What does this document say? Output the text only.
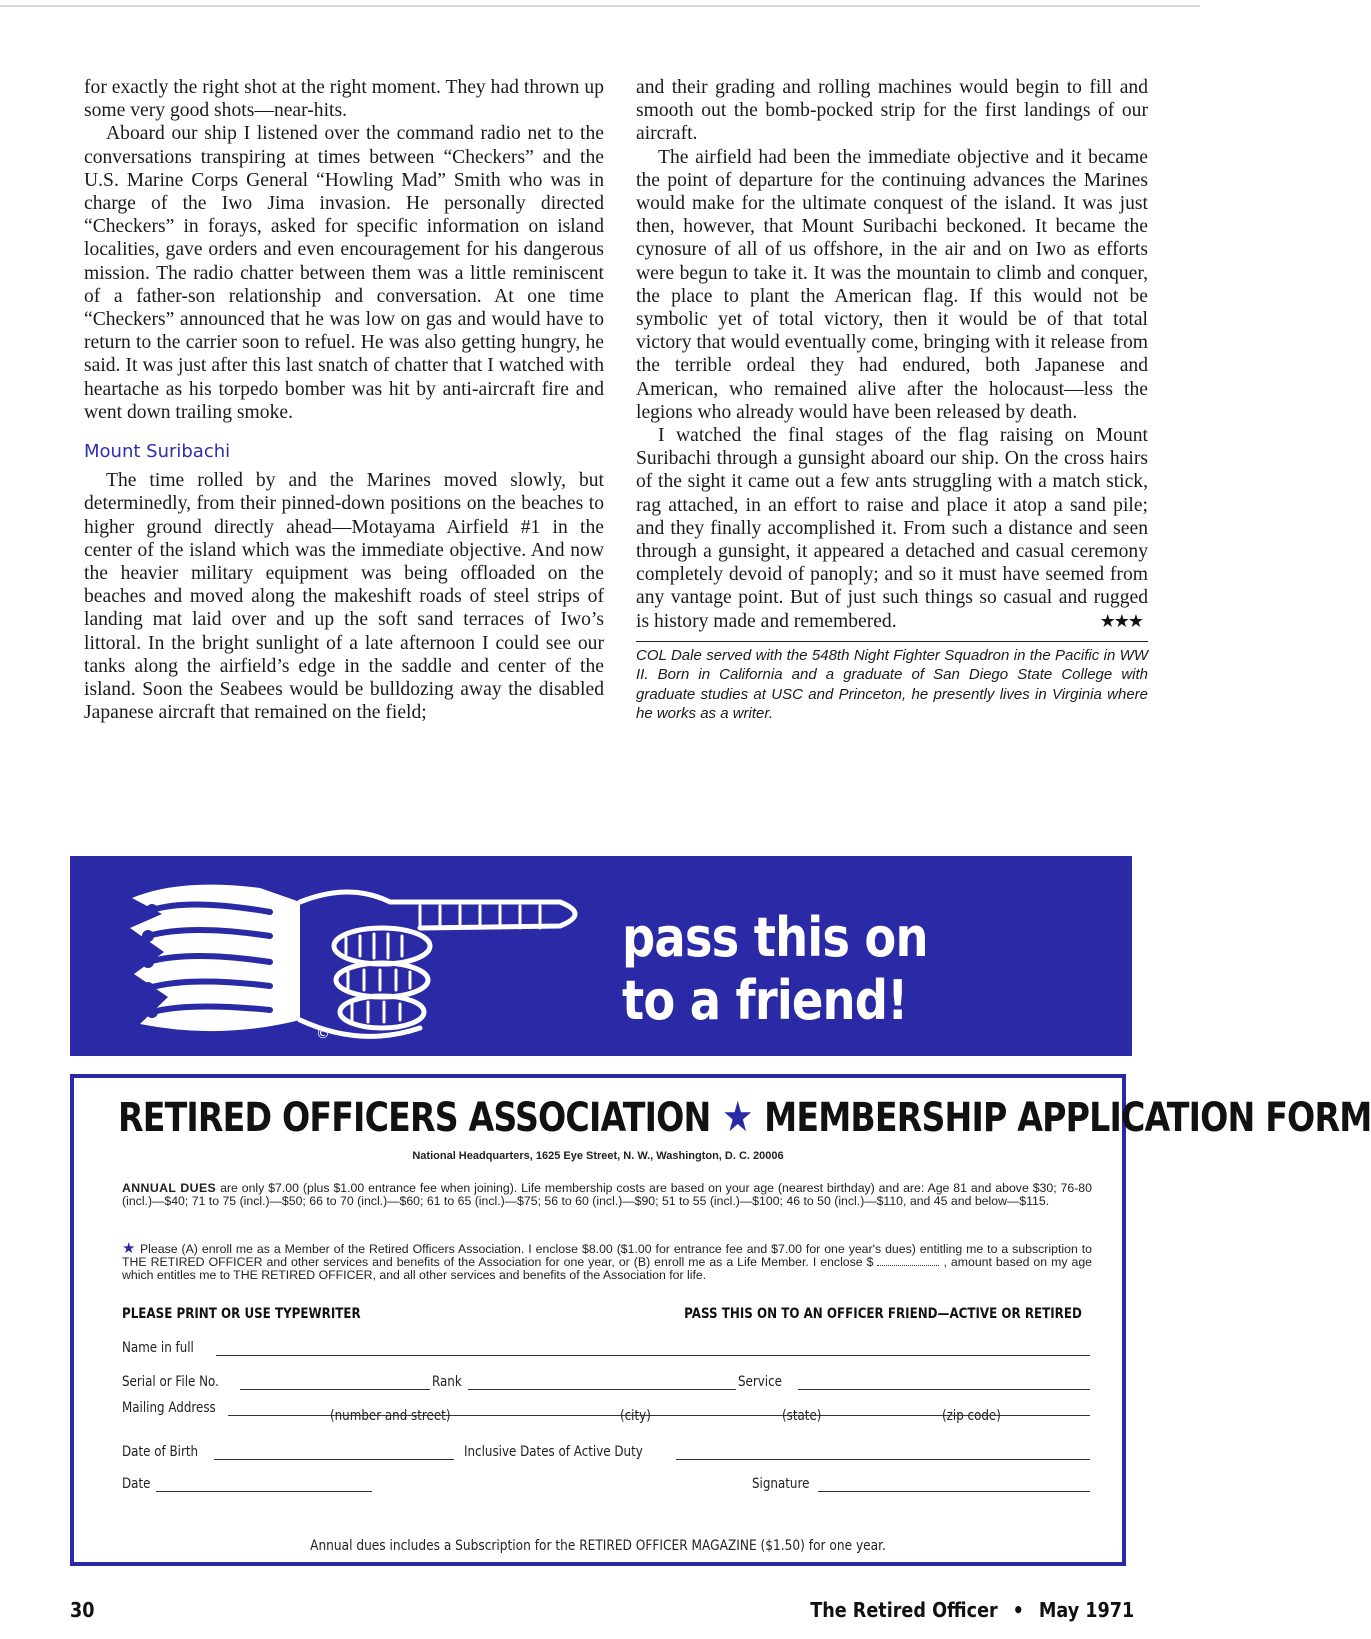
for exactly the right shot at the right moment. They had thrown up some very good shots—near-hits.

Aboard our ship I listened over the command radio net to the conversations transpiring at times between “Checkers” and the U.S. Marine Corps General “Howling Mad” Smith who was in charge of the Iwo Jima invasion. He personally directed “Checkers” in forays, asked for specific information on island localities, gave orders and even encouragement for his dangerous mission. The radio chatter between them was a little reminiscent of a father-son relationship and conversation. At one time “Checkers” announced that he was low on gas and would have to return to the carrier soon to refuel. He was also getting hungry, he said. It was just after this last snatch of chatter that I watched with heartache as his torpedo bomber was hit by anti-aircraft fire and went down trailing smoke.

Mount Suribachi

The time rolled by and the Marines moved slowly, but determinedly, from their pinned-down positions on the beaches to higher ground directly ahead—Motayama Airfield #1 in the center of the island which was the immediate objective. And now the heavier military equipment was being offloaded on the beaches and moved along the makeshift roads of steel strips of landing mat laid over and up the soft sand terraces of Iwo’s littoral. In the bright sunlight of a late afternoon I could see our tanks along the airfield’s edge in the saddle and center of the island. Soon the Seabees would be bulldozing away the disabled Japanese aircraft that remained on the field;

and their grading and rolling machines would begin to fill and smooth out the bomb-pocked strip for the first landings of our aircraft.

The airfield had been the immediate objective and it became the point of departure for the continuing advances the Marines would make for the ultimate conquest of the island. It was just then, however, that Mount Suribachi beckoned. It became the cynosure of all of us offshore, in the air and on Iwo as efforts were begun to take it. It was the mountain to climb and conquer, the place to plant the American flag. If this would not be symbolic yet of total victory, then it would be of that total victory that would eventually come, bringing with it release from the terrible ordeal they had endured, both Japanese and American, who remained alive after the holocaust—less the legions who already would have been released by death.

I watched the final stages of the flag raising on Mount Suribachi through a gunsight aboard our ship. On the cross hairs of the sight it came out a few ants struggling with a match stick, rag attached, in an effort to raise and place it atop a sand pile; and they finally accomplished it. From such a distance and seen through a gunsight, it appeared a detached and casual ceremony completely devoid of panoply; and so it must have seemed from any vantage point. But of just such things so casual and rugged is history made and remembered.	★★★

COL Dale served with the 548th Night Fighter Squadron in the Pacific in WW II. Born in California and a graduate of San Diego State College with graduate studies at USC and Princeton, he presently lives in Virginia where he works as a writer.
©
pass this on
to a friend!
RETIRED OFFICERS ASSOCIATION ★ MEMBERSHIP APPLICATION FORM
National Headquarters, 1625 Eye Street, N. W., Washington, D. C. 20006
ANNUAL DUES are only $7.00 (plus $1.00 entrance fee when joining). Life membership costs are based on your age (nearest birthday) and are: Age 81 and above $30; 76-80 (incl.)—$40; 71 to 75 (incl.)—$50; 66 to 70 (incl.)—$60; 61 to 65 (incl.)—$75; 56 to 60 (incl.)—$90; 51 to 55 (incl.)—$100; 46 to 50 (incl.)—$110, and 45 and below—$115.
★ Please (A) enroll me as a Member of the Retired Officers Association. I enclose $8.00 ($1.00 for entrance fee and $7.00 for one year's dues) entitling me to a subscription to THE RETIRED OFFICER and other services and benefits of the Association for one year, or (B) enroll me as a Life Member. I enclose $	, amount based on my age which entitles me to THE RETIRED OFFICER, and all other services and benefits of the Association for life.
PLEASE PRINT OR USE TYPEWRITER	PASS THIS ON TO AN OFFICER FRIEND—ACTIVE OR RETIRED
Name in full
Serial or File No.	Rank	Service
Mailing Address	(number and street)	(city)	(state)	(zip code)
Date of Birth	Inclusive Dates of Active Duty
Date	Signature
Annual dues includes a Subscription for the RETIRED OFFICER MAGAZINE ($1.50) for one year.
30	The Retired Officer • May 1971
